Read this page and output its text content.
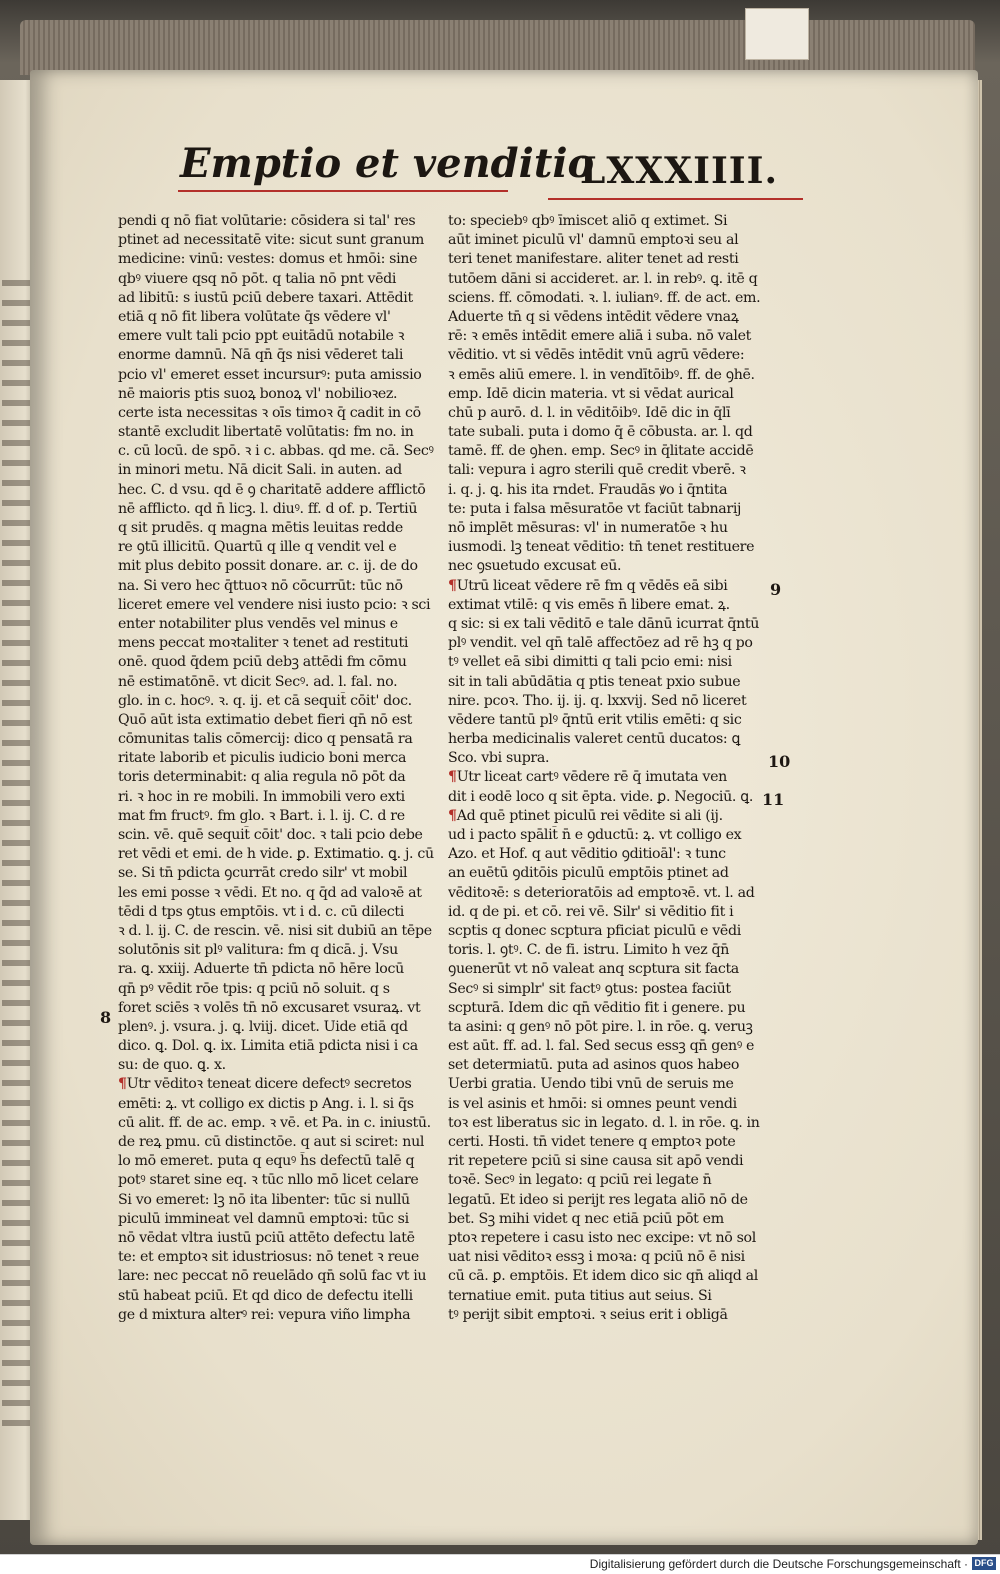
Emptio et venditio
LXXXIIII.
pendi q nō fiat volūtarie: cōsidera si tal' res
ptinet ad necessitatē vite: sicut sunt granum
medicine: vinū: vestes: domus et hmōi: sine
qbꝰ viuere qsq nō pōt. q talia nō pnt vēdi
ad libitū: s iustū pciū debere taxari. Attēdit
etiā q nō fit libera volūtate q̄s vēdere vl'
emere vult tali pcio ppt euitādū notabile ꝛ
enorme damnū. Nā qn̄ q̄s nisi vēderet tali
pcio vl' emeret esset incursurꝰ: puta amissio
nē maioris ptis suoꝝ bonoꝝ vl' nobilioꝛez.
certe ista necessitas ꝛ oīs timoꝛ q̄ cadit in cō
stantē excludit libertatē volūtatis: fm no. in
c. cū locū. de spō. ꝛ i c. abbas. qd me. cā. Secꝰ
in minori metu. Nā dicit Sali. in auten. ad
hec. C. d vsu. qd ē ꝯ charitatē addere afflictō
nē afflicto. qd n̄ licꝫ. l. diuꝰ. ff. d of. p. Tertiū
q sit prudēs. q magna mētis leuitas redde
re ꝯtū illicitū. Quartū q ille q vendit vel e
mit plus debito possit donare. ar. c. ij. de do
na. Si vero hec q̄ttuoꝛ nō cōcurrūt: tūc nō
liceret emere vel vendere nisi iusto pcio: ꝛ sci
enter notabiliter plus vendēs vel minus e
mens peccat moꝛtaliter ꝛ tenet ad restituti
onē. quod q̄dem pciū debꝫ attēdi fm cōmu
nē estimatōnē. vt dicit Secꝰ. ad. l. fal. no.
glo. in c. hocꝰ. ꝛ. q. ij. et cā sequit̄ cōit' doc.
Quō aūt ista extimatio debet fieri qn̄ nō est
cōmunitas talis cōmercij: dico q pensatā ra
ritate laborib et piculis iudicio boni merca
toris determinabit: q alia regula nō pōt da
ri. ꝛ hoc in re mobili. In immobili vero exti
mat fm fructꝰ. fm glo. ꝛ Bart. i. l. ij. C. d re
scin. vē. quē sequit̄ cōit' doc. ꝛ tali pcio debe
ret vēdi et emi. de h vide. ꝑ. Extimatio. ꝗ. j. cū
se. Si tn̄ pdicta ꝯcurrāt credo silr' vt mobil
les emi posse ꝛ vēdi. Et no. q q̄d ad valoꝛē at
tēdi d tps ꝯtus emptōis. vt i d. c. cū dilecti
ꝛ d. l. ij. C. de rescin. vē. nisi sit dubiū an tēpe
solutōnis sit plꝰ valitura: fm q dicā. j. Vsu
ra. ꝗ. xxiij. Aduerte tn̄ pdicta nō hēre locū
qn̄ pꝰ vēdit rōe tpis: q pciū nō soluit. q s
foret sciēs ꝛ volēs tn̄ nō excusaret vsuraꝝ. vt
plenꝰ. j. vsura. j. ꝗ. lviij. dicet. Uide etiā qd
dico. ꝗ. Dol. ꝗ. ix. Limita etiā pdicta nisi i ca
su: de quo. ꝗ. x.
¶Utr vēditoꝛ teneat dicere defectꝰ secretos
emēti: ꝝ. vt colligo ex dictis p Ang. i. l. si q̄s
cū alit. ff. de ac. emp. ꝛ vē. et Pa. in c. iniustū.
de reꝝ pmu. cū distinctōe. q aut si sciret: nul
lo mō emeret. puta q equꝰ h̄s defectū talē q
potꝰ staret sine eq. ꝛ tūc nllo mō licet celare
Si vo emeret: lꝫ nō ita libenter: tūc si nullū
piculū immineat vel damnū emptoꝛi: tūc si
nō vēdat vltra iustū pciū attēto defectu latē
te: et emptoꝛ sit idustriosus: nō tenet ꝛ reue
lare: nec peccat nō reuelādo qn̄ solū fac vt iu
stū habeat pciū. Et qd dico de defectu itelli
ge d mixtura alterꝰ rei: vepura viño limpha
to: speciebꝰ qbꝰ īmiscet aliō q extimet. Si
aūt iminet piculū vl' damnū emptoꝛi seu al
teri tenet manifestare. aliter tenet ad resti
tutōem dāni si accideret. ar. l. in rebꝰ. ꝗ. itē q
sciens. ff. cōmodati. ꝛ. l. iulianꝰ. ff. de act. em.
Aduerte tn̄ q si vēdens intēdit vēdere vnaꝝ
rē: ꝛ emēs intēdit emere aliā i suba. nō valet
vēditio. vt si vēdēs intēdit vnū agrū vēdere:
ꝛ emēs aliū emere. l. in vendītōibꝰ. ff. de ꝯhē.
emp. Idē dicin materia. vt si vēdat aurical
chū p aurō. d. l. in vēditōibꝰ. Idē dic in q̄lī
tate subali. puta i domo q̄ ē cōbusta. ar. l. qd
tamē. ff. de ꝯhen. emp. Secꝰ in q̄litate accidē
tali: vepura i agro sterili quē credit vberē. ꝛ
i. q. j. ꝗ. his ita rndet. Fraudās ꝟo i q̄ntita
te: puta i falsa mēsuratōe vt faciūt tabnarij
nō implēt mēsuras: vl' in numeratōe ꝛ hu
iusmodi. lꝫ teneat vēditio: tn̄ tenet restituere
nec ꝯsuetudo excusat eū.
¶Utrū liceat vēdere rē fm q vēdēs eā sibi
extimat vtilē: q vis emēs n̄ libere emat. ꝝ.
q sic: si ex tali vēditō e tale dānū icurrat q̄ntū
plꝰ vendit. vel qn̄ talē affectōez ad rē hꝫ q po
tꝰ vellet eā sibi dimitti q tali pcio emi: nisi
sit in tali abūdātia q ptis teneat pxio subue
nire. pcoꝛ. Tho. ij. ij. q. lxxvij. Sed nō liceret
vēdere tantū plꝰ q̄ntū erit vtilis emēti: q sic
herba medicinalis valeret centū ducatos: ꝗ
Sco. vbi supra.
¶Utr liceat cartꝰ vēdere rē q̄ imutata ven
dit i eodē loco q sit ēpta. vide. ꝑ. Negociū. ꝗ.
¶Ad quē ptinet piculū rei vēdite si ali (ij.
ud i pacto spālit̄ n̄ e ꝯductū: ꝝ. vt colligo ex
Azo. et Hof. q aut vēditio ꝯditioāl': ꝛ tunc
an euētū ꝯditōis piculū emptōis ptinet ad
vēditoꝛē: s deterioratōis ad emptoꝛē. vt. l. ad
id. q de pi. et cō. rei vē. Silr' si vēditio fit i
scptis q donec scptura pficiat piculū e vēdi
toris. l. ꝯtꝰ. C. de fi. istru. Limito h vez q̄n̄
ꝯuenerūt vt nō valeat anq scptura sit facta
Secꝰ si simplr' sit factꝰ ꝯtus: postea faciūt
scpturā. Idem dic qn̄ vēditio fit i genere. pu
ta asini: q genꝰ nō pōt pire. l. in rōe. ꝗ. veruꝫ
est aūt. ff. ad. l. fal. Sed secus essꝫ qn̄ genꝰ e
set determiatū. puta ad asinos quos habeo
Uerbi gratia. Uendo tibi vnū de seruis me
is vel asinis et hmōi: si omnes peunt vendi
toꝛ est liberatus sic in legato. d. l. in rōe. ꝗ. in
certi. Hosti. tn̄ videt tenere q emptoꝛ pote
rit repetere pciū si sine causa sit apō vendi
toꝛē. Secꝰ in legato: q pciū rei legate n̄
legatū. Et ideo si perijt res legata aliō nō de
bet. Sꝫ mihi videt q nec etiā pciū pōt em
ptoꝛ repetere i casu isto nec excipe: vt nō sol
uat nisi vēditoꝛ essꝫ i moꝛa: q pciū nō ē nisi
cū cā. ꝑ. emptōis. Et idem dico sic qn̄ aliqd al
ternatiue emit. puta titius aut seius. Si
tꝰ perijt sibit emptoꝛi. ꝛ seius erit i obligā
8
9
10
11
Digitalisierung gefördert durch die Deutsche Forschungsgemeinschaft · DFG
